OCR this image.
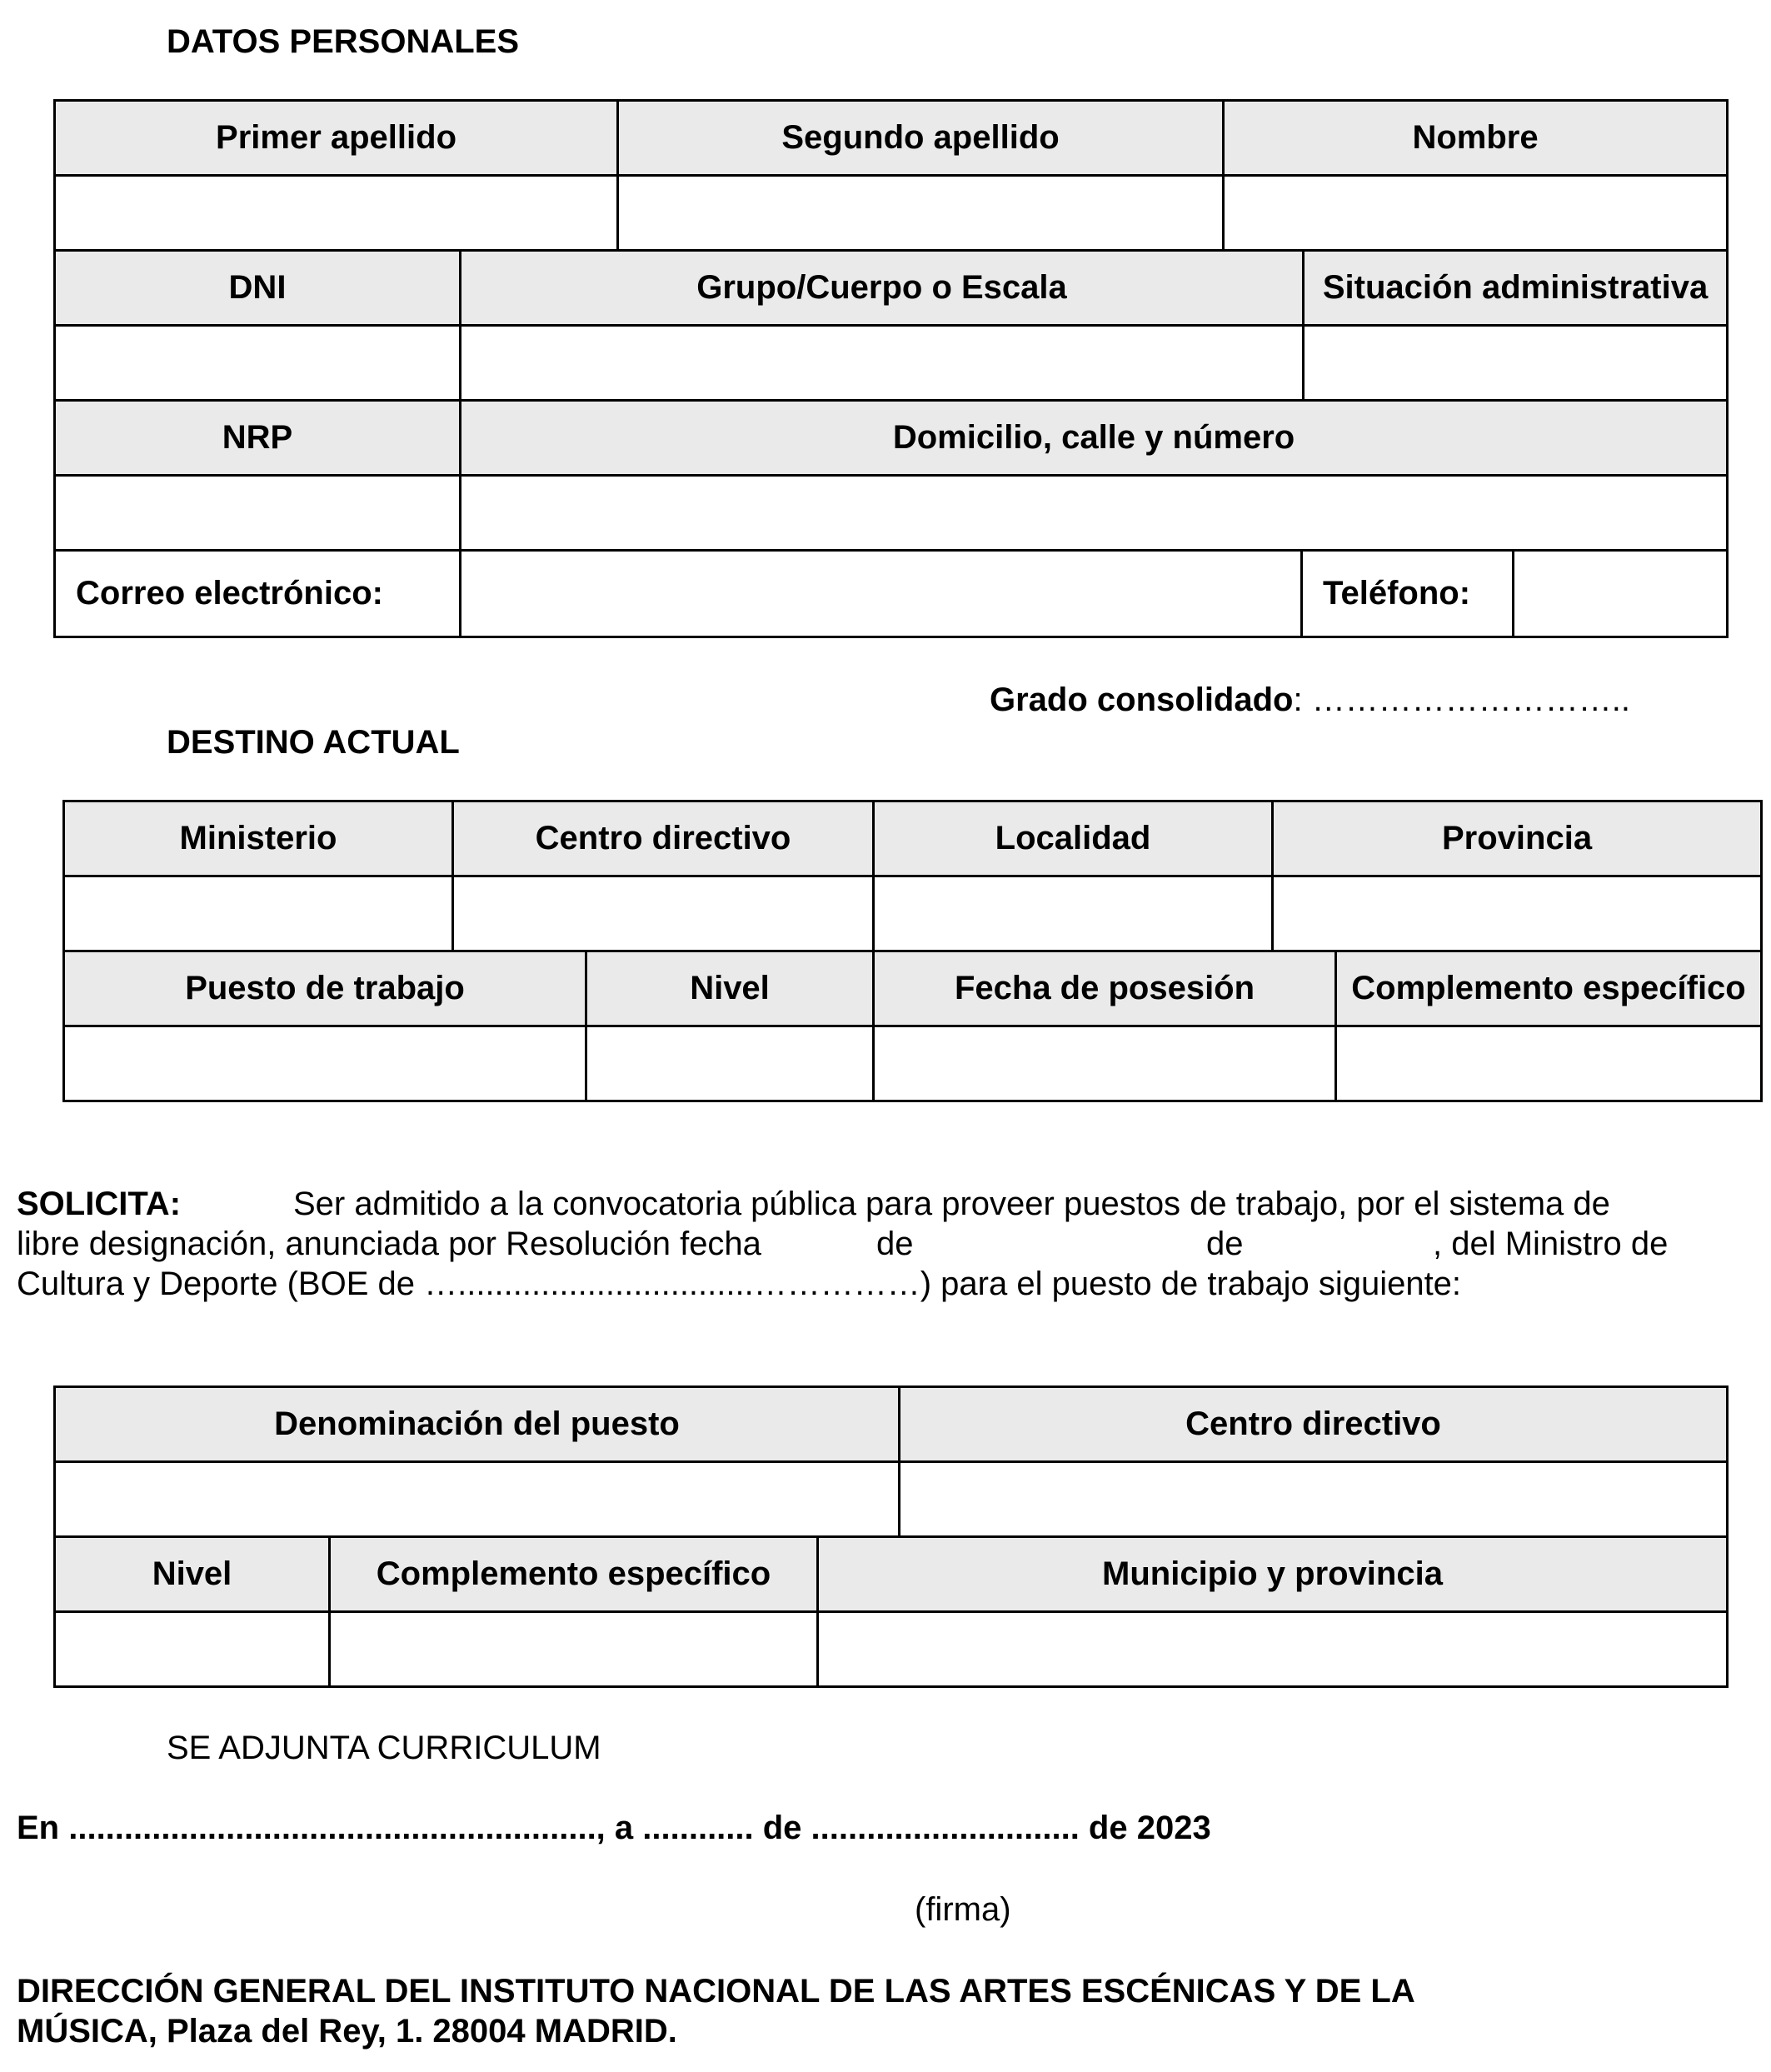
DATOS PERSONALES
Primer apellido		Segundo apellido	Nombre			

DNI	Grupo/Cuerpo o Escala				Situación administrativa	

NRP	Domicilio, calle y número					

Correo electrónico:				Teléfono:	
Grado consolidado: ………………………..
DESTINO ACTUAL
Ministerio	Centro directivo		Localidad	Provincia	

Puesto de trabajo		Nivel	Fecha de posesión		Complemento específico

SOLICITA:	Ser admitido a la convocatoria pública para proveer puestos de trabajo, por el sistema de
libre designación, anunciada por Resolución fecha	de	de	, del Ministro de
Cultura y Deporte (BOE de …................................……………) para el puesto de trabajo siguiente:
Denominación del puesto	Centro directivo

Nivel	Complemento específico	Municipio y provincia

SE ADJUNTA CURRICULUM
En ........................................................., a ............ de ............................. de 2023
(firma)
DIRECCIÓN GENERAL DEL INSTITUTO NACIONAL DE LAS ARTES ESCÉNICAS Y DE LA
MÚSICA, Plaza del Rey, 1. 28004 MADRID.
